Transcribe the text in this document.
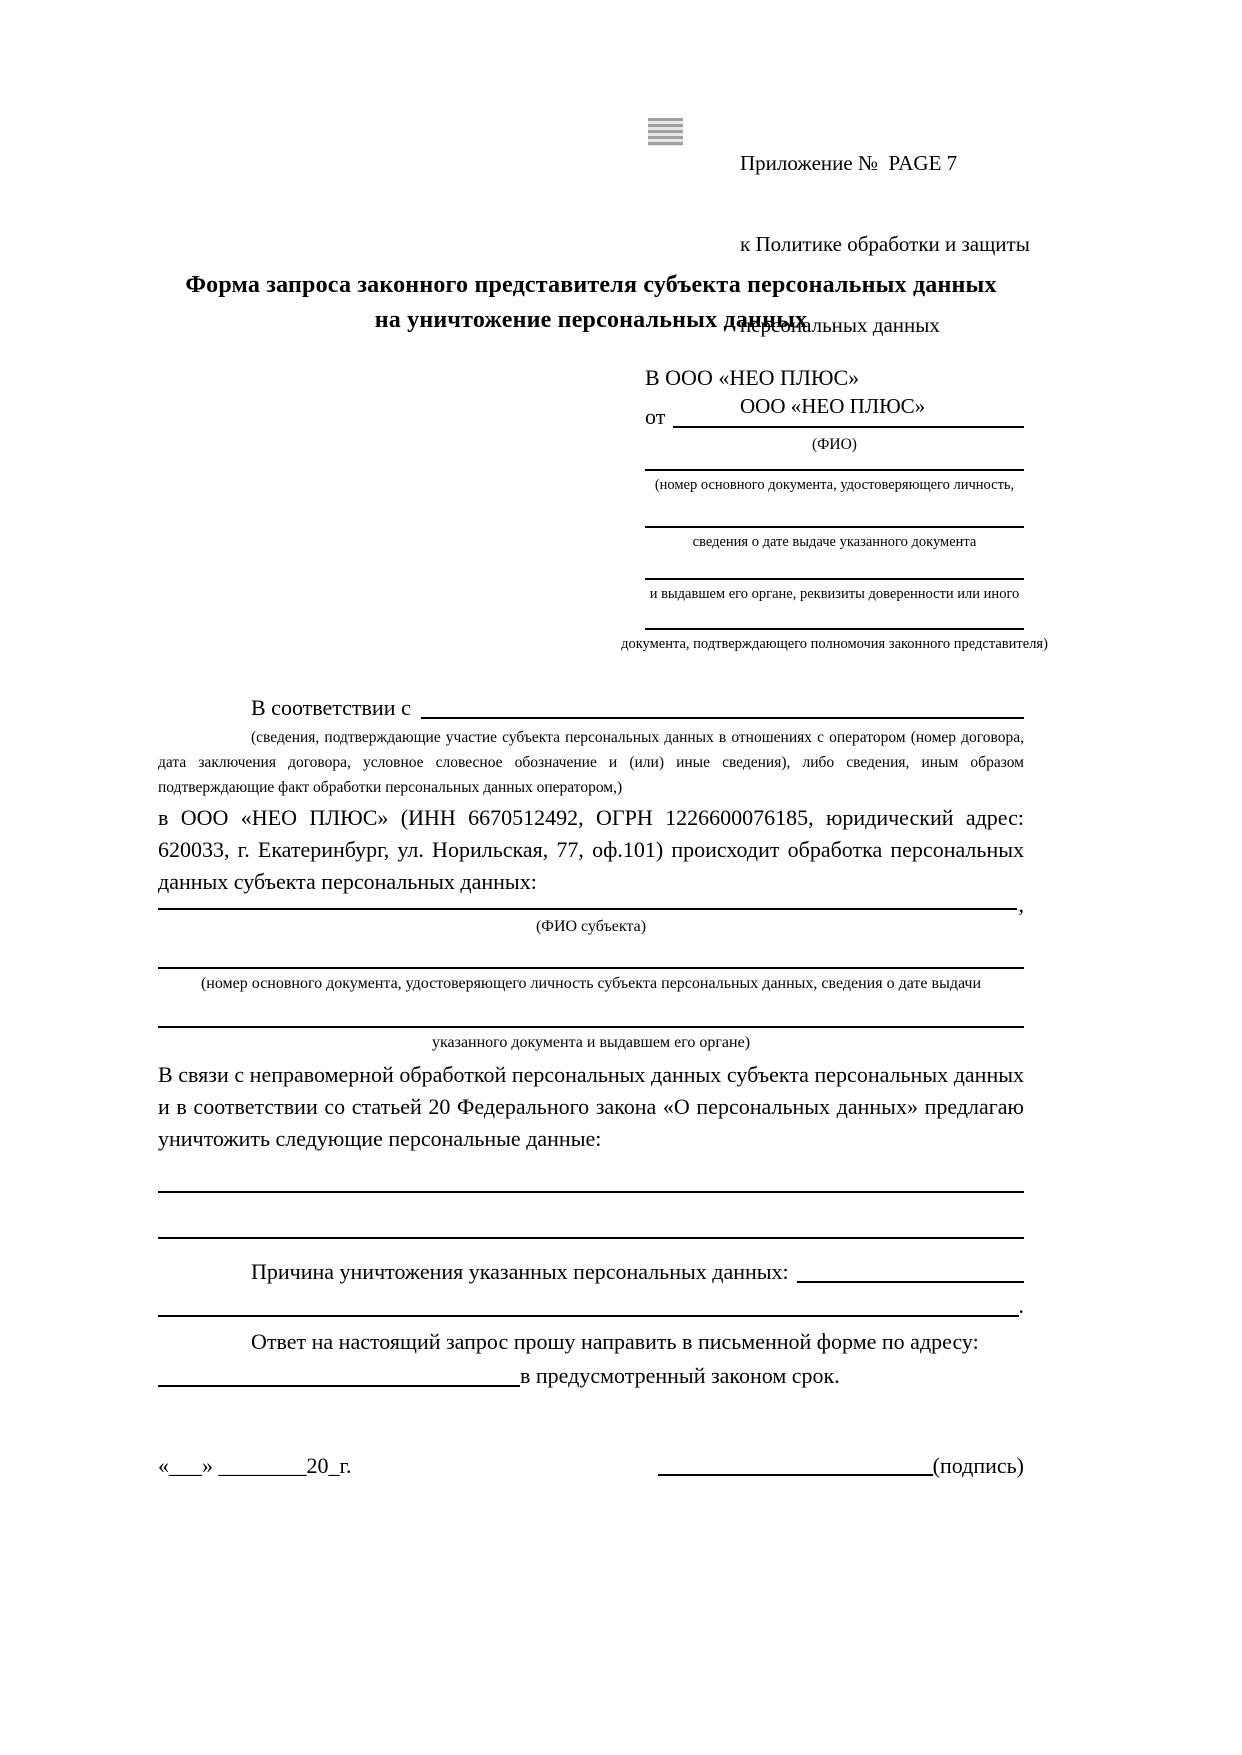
Приложение №  PAGE 7

к Политике обработки и защиты

персональных данных

ООО «НЕО ПЛЮС»

Форма запроса законного представителя субъекта персональных данных
на уничтожение персональных данных
В ООО «НЕО ПЛЮС»
от
(ФИО)
(номер основного документа, удостоверяющего личность,
сведения о дате выдаче указанного документа
и выдавшем его органе, реквизиты доверенности или иного
документа, подтверждающего полномочия законного представителя)
В соответствии с
(сведения, подтверждающие участие субъекта персональных данных в отношениях с оператором (номер договора, дата заключения договора, условное словесное обозначение и (или) иные сведения), либо сведения, иным образом подтверждающие факт обработки персональных данных оператором,)
в ООО «НЕО ПЛЮС» (ИНН 6670512492, ОГРН 1226600076185, юридический адрес: 620033, г. Екатеринбург, ул. Норильская, 77, оф.101) происходит обработка персональных данных субъекта персональных данных:
,
(ФИО субъекта)
(номер основного документа, удостоверяющего личность субъекта персональных данных, сведения о дате выдачи
указанного документа и выдавшем его органе)
В связи с неправомерной обработкой персональных данных субъекта персональных данных и в соответствии со статьей 20 Федерального закона «О персональных данных» предлагаю уничтожить следующие персональные данные:
Причина уничтожения указанных персональных данных:
.
Ответ на настоящий запрос прошу направить в письменной форме по адресу:
в предусмотренный законом срок.
«___» ________20_г.	(подпись)
